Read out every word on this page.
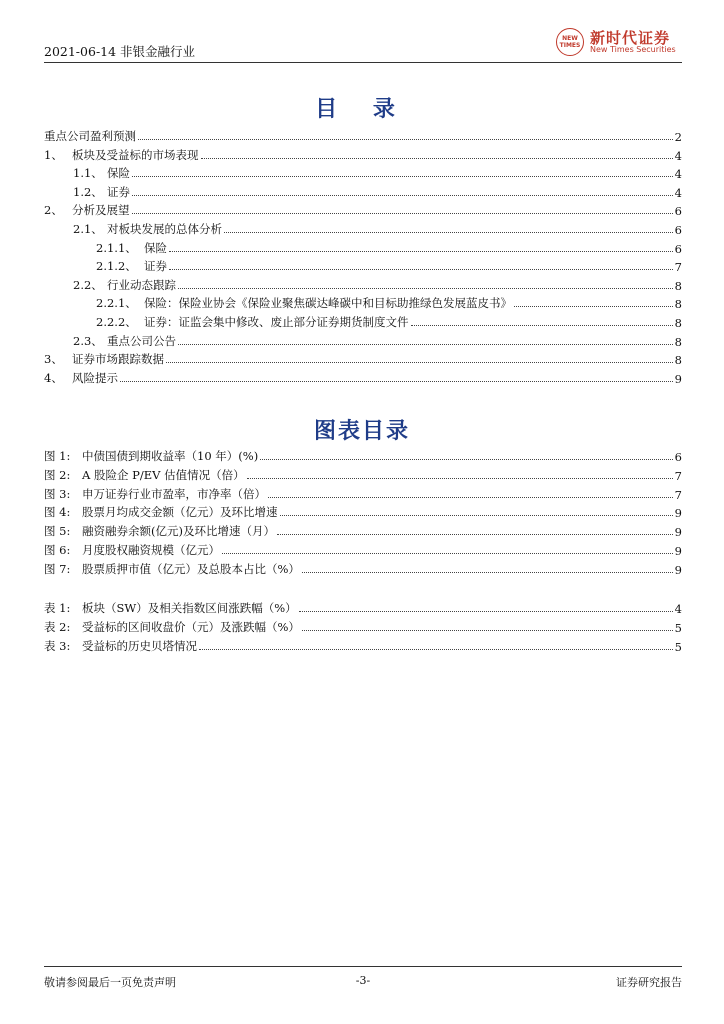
2021-06-14 非银金融行业
NEW TIMES 新时代证券
New Times Securities
目 录
重点公司盈利预测	2
1、 板块及受益标的市场表现	4
1.1、 保险	4
1.2、 证券	4
2、 分析及展望	6
2.1、 对板块发展的总体分析	6
2.1.1、 保险	6
2.1.2、 证券	7
2.2、 行业动态跟踪	8
2.2.1、 保险：保险业协会《保险业聚焦碳达峰碳中和目标助推绿色发展蓝皮书》	8
2.2.2、 证券：证监会集中修改、废止部分证券期货制度文件	8
2.3、 重点公司公告	8
3、 证券市场跟踪数据	8
4、 风险提示	9
图表目录
图 1:	中债国债到期收益率（10 年）(%)	6
图 2:	A 股险企 P/EV 估值情况（倍）	7
图 3:	申万证券行业市盈率，市净率（倍）	7
图 4:	股票月均成交金额（亿元）及环比增速	9
图 5:	融资融券余额(亿元)及环比增速（月）	9
图 6:	月度股权融资规模（亿元）	9
图 7:	股票质押市值（亿元）及总股本占比（%）	9
表 1:	板块（SW）及相关指数区间涨跌幅（%）	4
表 2:	受益标的区间收盘价（元）及涨跌幅（%）	5
表 3:	受益标的历史贝塔情况	5
敬请参阅最后一页免责声明	-3-	证券研究报告
